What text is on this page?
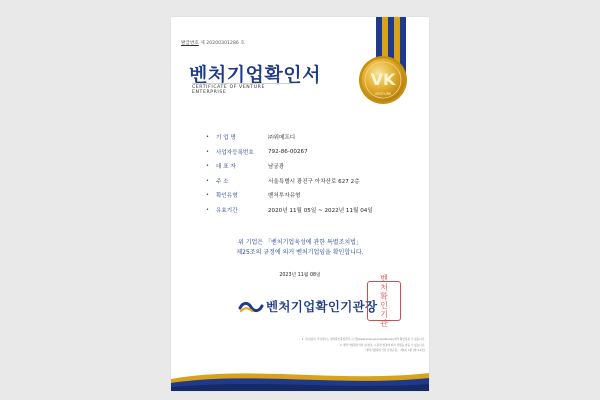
발급번호 제 20200301286 호
VK
VENTURE
벤처기업확인서
CERTIFICATE OF VENTURE ENTERPRISE
•	기 업 명	㈜위메프디
•	사업자등록번호	792-86-00267
•	대 표 자	남궁광
•	주 소	서울특별시 광진구 아차산로 627 2층
•	확인유형	벤처투자유형
•	유효기간	2020년 11월 05일 ~ 2022년 11월 04일
위 기업은 「벤처기업육성에 관한 특별조치법」
제25조의 규정에 의거 벤처기업임을 확인합니다.
2023년 11월 08일
벤처기업확인기관장
벤
처
확
인
기
관
1. 위 내용의 진위여부는 벤처확인종합관리시스템(www.smes.go.kr/venturein)에서 확인하실 수 있습니다.
2. 벤처기업확인서의 위·변조 시 관련 법령에 따라 처벌을 받을 수 있습니다.
「벤처기업확인기관 운영규정」 제6조 1항 [제 4-2호]
